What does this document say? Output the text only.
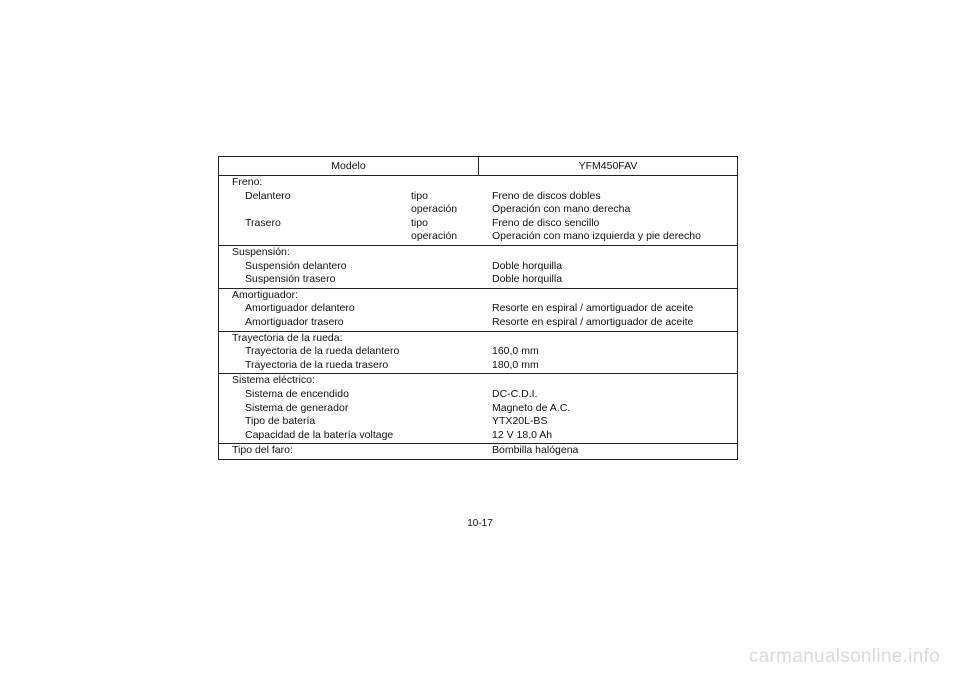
Modelo	YFM450FAV
Freno:
Delantero	tipo	Freno de discos dobles
operación	Operación con mano derecha
Trasero	tipo	Freno de disco sencillo
operación	Operación con mano izquierda y pie derecho
Suspensión:
Suspensión delantero	Doble horquilla
Suspensión trasero	Doble horquilla
Amortiguador:
Amortiguador delantero	Resorte en espiral / amortiguador de aceite
Amortiguador trasero	Resorte en espiral / amortiguador de aceite
Trayectoria de la rueda:
Trayectoria de la rueda delantero	160,0 mm
Trayectoria de la rueda trasero	180,0 mm
Sistema eléctrico:
Sistema de encendido	DC-C.D.I.
Sistema de generador	Magneto de A.C.
Tipo de batería	YTX20L-BS
Capacidad de la batería voltage	12 V 18,0 Ah
Tipo del faro:	Bombilla halógena
10-17
carmanualsonline.info
